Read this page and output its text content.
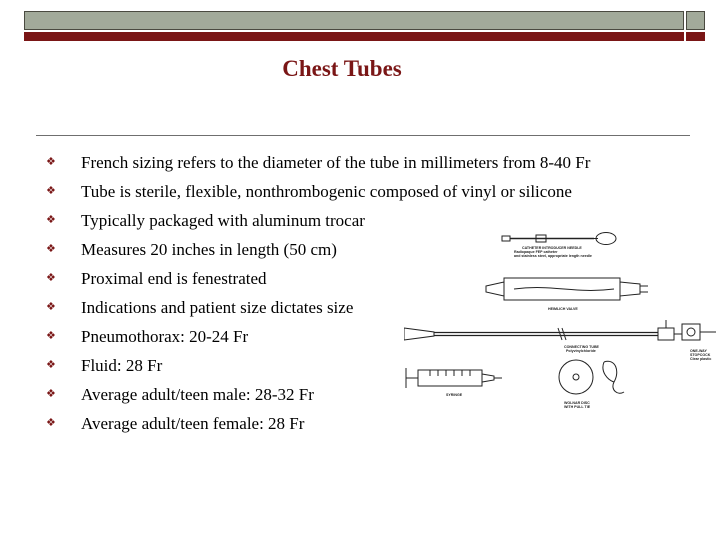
Chest Tubes
❖ French sizing refers to the diameter of the tube in millimeters from 8-40 Fr
❖ Tube is sterile, flexible, nonthrombogenic composed of vinyl or silicone
❖ Typically packaged with aluminum trocar
❖ Measures 20 inches in length (50 cm)
❖ Proximal end is fenestrated
❖ Indications and patient size dictates size
❖ Pneumothorax: 20-24 Fr
❖ Fluid: 28 Fr
❖ Average adult/teen male: 28-32 Fr
❖ Average adult/teen female: 28 Fr
CATHETER INTRODUCER NEEDLE
Radiopaque FEP catheter
and stainless steel, appropriate length needle
HEIMLICH VALVE
CONNECTING TUBE
Polyvinylchloride	ONE-WAY
STOPCOCK
Clear plastic
SYRINGE
WOLNAR DISC
WITH PULL TIE
